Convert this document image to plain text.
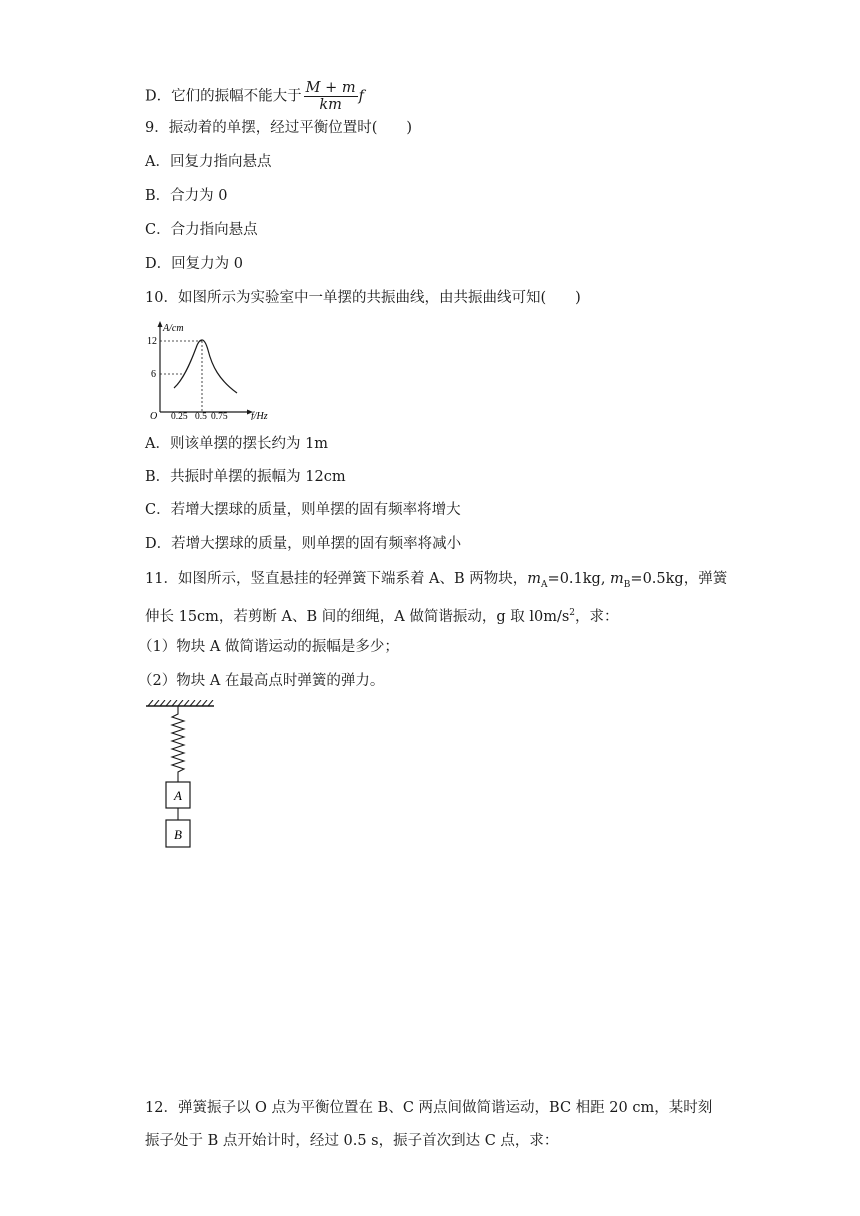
D．它们的振幅不能大于 $\frac{M + m}{km}$ f
9．振动着的单摆，经过平衡位置时(　　)
A．回复力指向悬点
B．合力为 0
C．合力指向悬点
D．回复力为 0
10．如图所示为实验室中一单摆的共振曲线，由共振曲线可知(　　)
A/cm
12
6
O 0.25 0.5 0.75 f/Hz
A．则该单摆的摆长约为 1m
B．共振时单摆的振幅为 12cm
C．若增大摆球的质量，则单摆的固有频率将增大
D．若增大摆球的质量，则单摆的固有频率将减小
11．如图所示，竖直悬挂的轻弹簧下端系着 A、B 两物块，$m_A=0.1kg$, $m_B=0.5kg$，弹簧
伸长 15cm，若剪断 A、B 间的细绳，A 做简谐振动，g 取 $l0m/s^2$，求：
（1）物块 A 做简谐运动的振幅是多少；
（2）物块 A 在最高点时弹簧的弹力。
A
B
12．弹簧振子以 O 点为平衡位置在 B、C 两点间做简谐运动，BC 相距 20 cm，某时刻
振子处于 B 点开始计时，经过 0.5 s，振子首次到达 C 点，求：
